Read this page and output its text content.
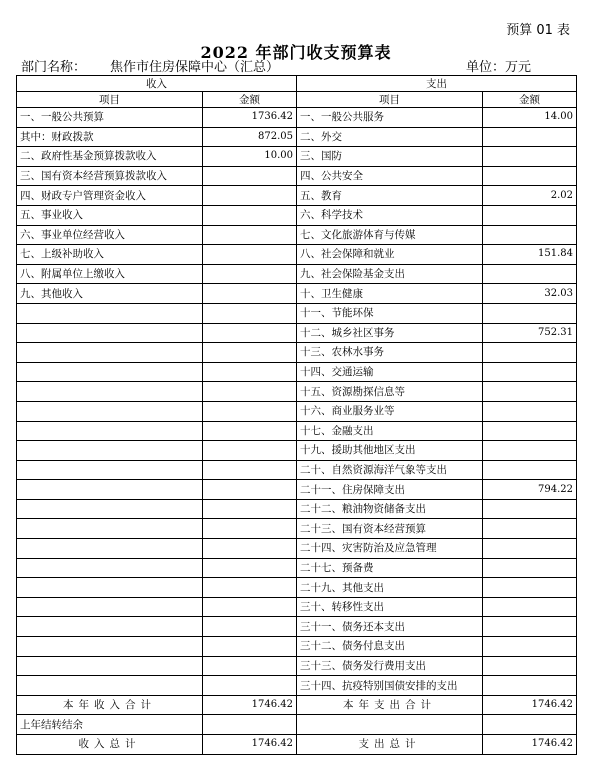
预算 01 表
2022 年部门收支预算表
部门名称： 焦作市住房保障中心（汇总）	单位：万元
收入		支出	
项目	金额	项目	金额
一、一般公共预算	1736.42	一、一般公共服务	14.00
其中：财政拨款	872.05	二、外交	
二、政府性基金预算拨款收入	10.00	三、国防	
三、国有资本经营预算拨款收入		四、公共安全	
四、财政专户管理资金收入		五、教育	2.02
五、事业收入		六、科学技术	
六、事业单位经营收入		七、文化旅游体育与传媒	
七、上级补助收入		八、社会保障和就业	151.84
八、附属单位上缴收入		九、社会保险基金支出	
九、其他收入		十、卫生健康	32.03
		十一、节能环保	
		十二、城乡社区事务	752.31
		十三、农林水事务	
		十四、交通运输	
		十五、资源勘探信息等	
		十六、商业服务业等	
		十七、金融支出	
		十九、援助其他地区支出	
		二十、自然资源海洋气象等支出	
		二十一、住房保障支出	794.22
		二十二、粮油物资储备支出	
		二十三、国有资本经营预算	
		二十四、灾害防治及应急管理	
		二十七、预备费	
		二十九、其他支出	
		三十、转移性支出	
		三十一、债务还本支出	
		三十二、债务付息支出	
		三十三、债务发行费用支出	
		三十四、抗疫特别国债安排的支出	
本年收入合计	1746.42	本年支出合计	1746.42
上年结转结余			
收入总计	1746.42	支出总计	1746.42
